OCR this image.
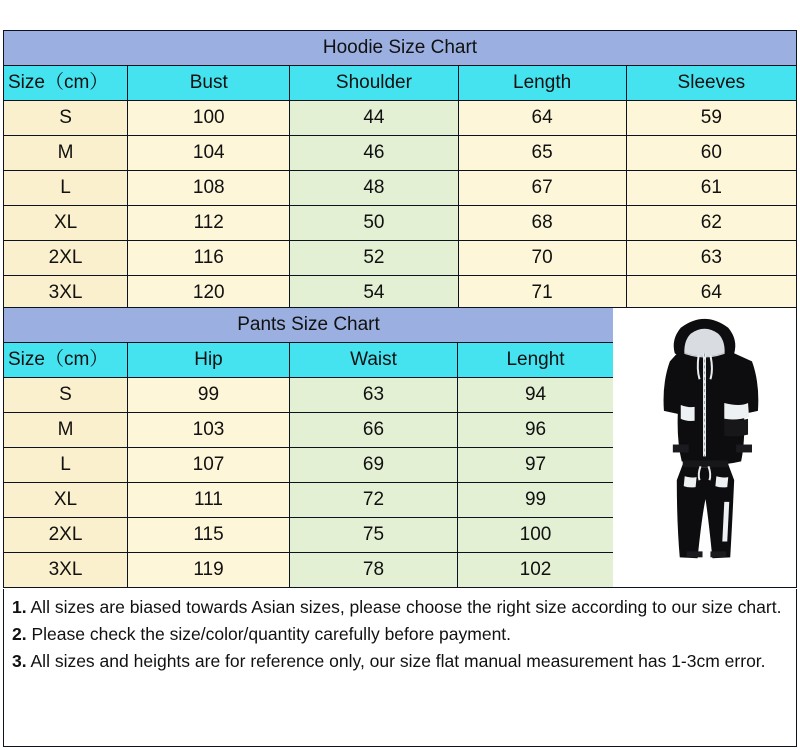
Hoodie Size Chart				
Size（cm）	Bust	Shoulder	Length	Sleeves
S	100	44	64	59
M	104	46	65	60
L	108	48	67	61
XL	112	50	68	62
2XL	116	52	70	63
3XL	120	54	71	64
Pants Size Chart			
Size（cm）	Hip	Waist	Lenght
S	99	63	94
M	103	66	96
L	107	69	97
XL	111	72	99
2XL	115	75	100
3XL	119	78	102

1. All sizes are biased towards Asian sizes, please choose the right size according to our size chart.

2. Please check the size/color/quantity carefully before payment.

3. All sizes and heights are for reference only, our size flat manual measurement has 1-3cm error.
